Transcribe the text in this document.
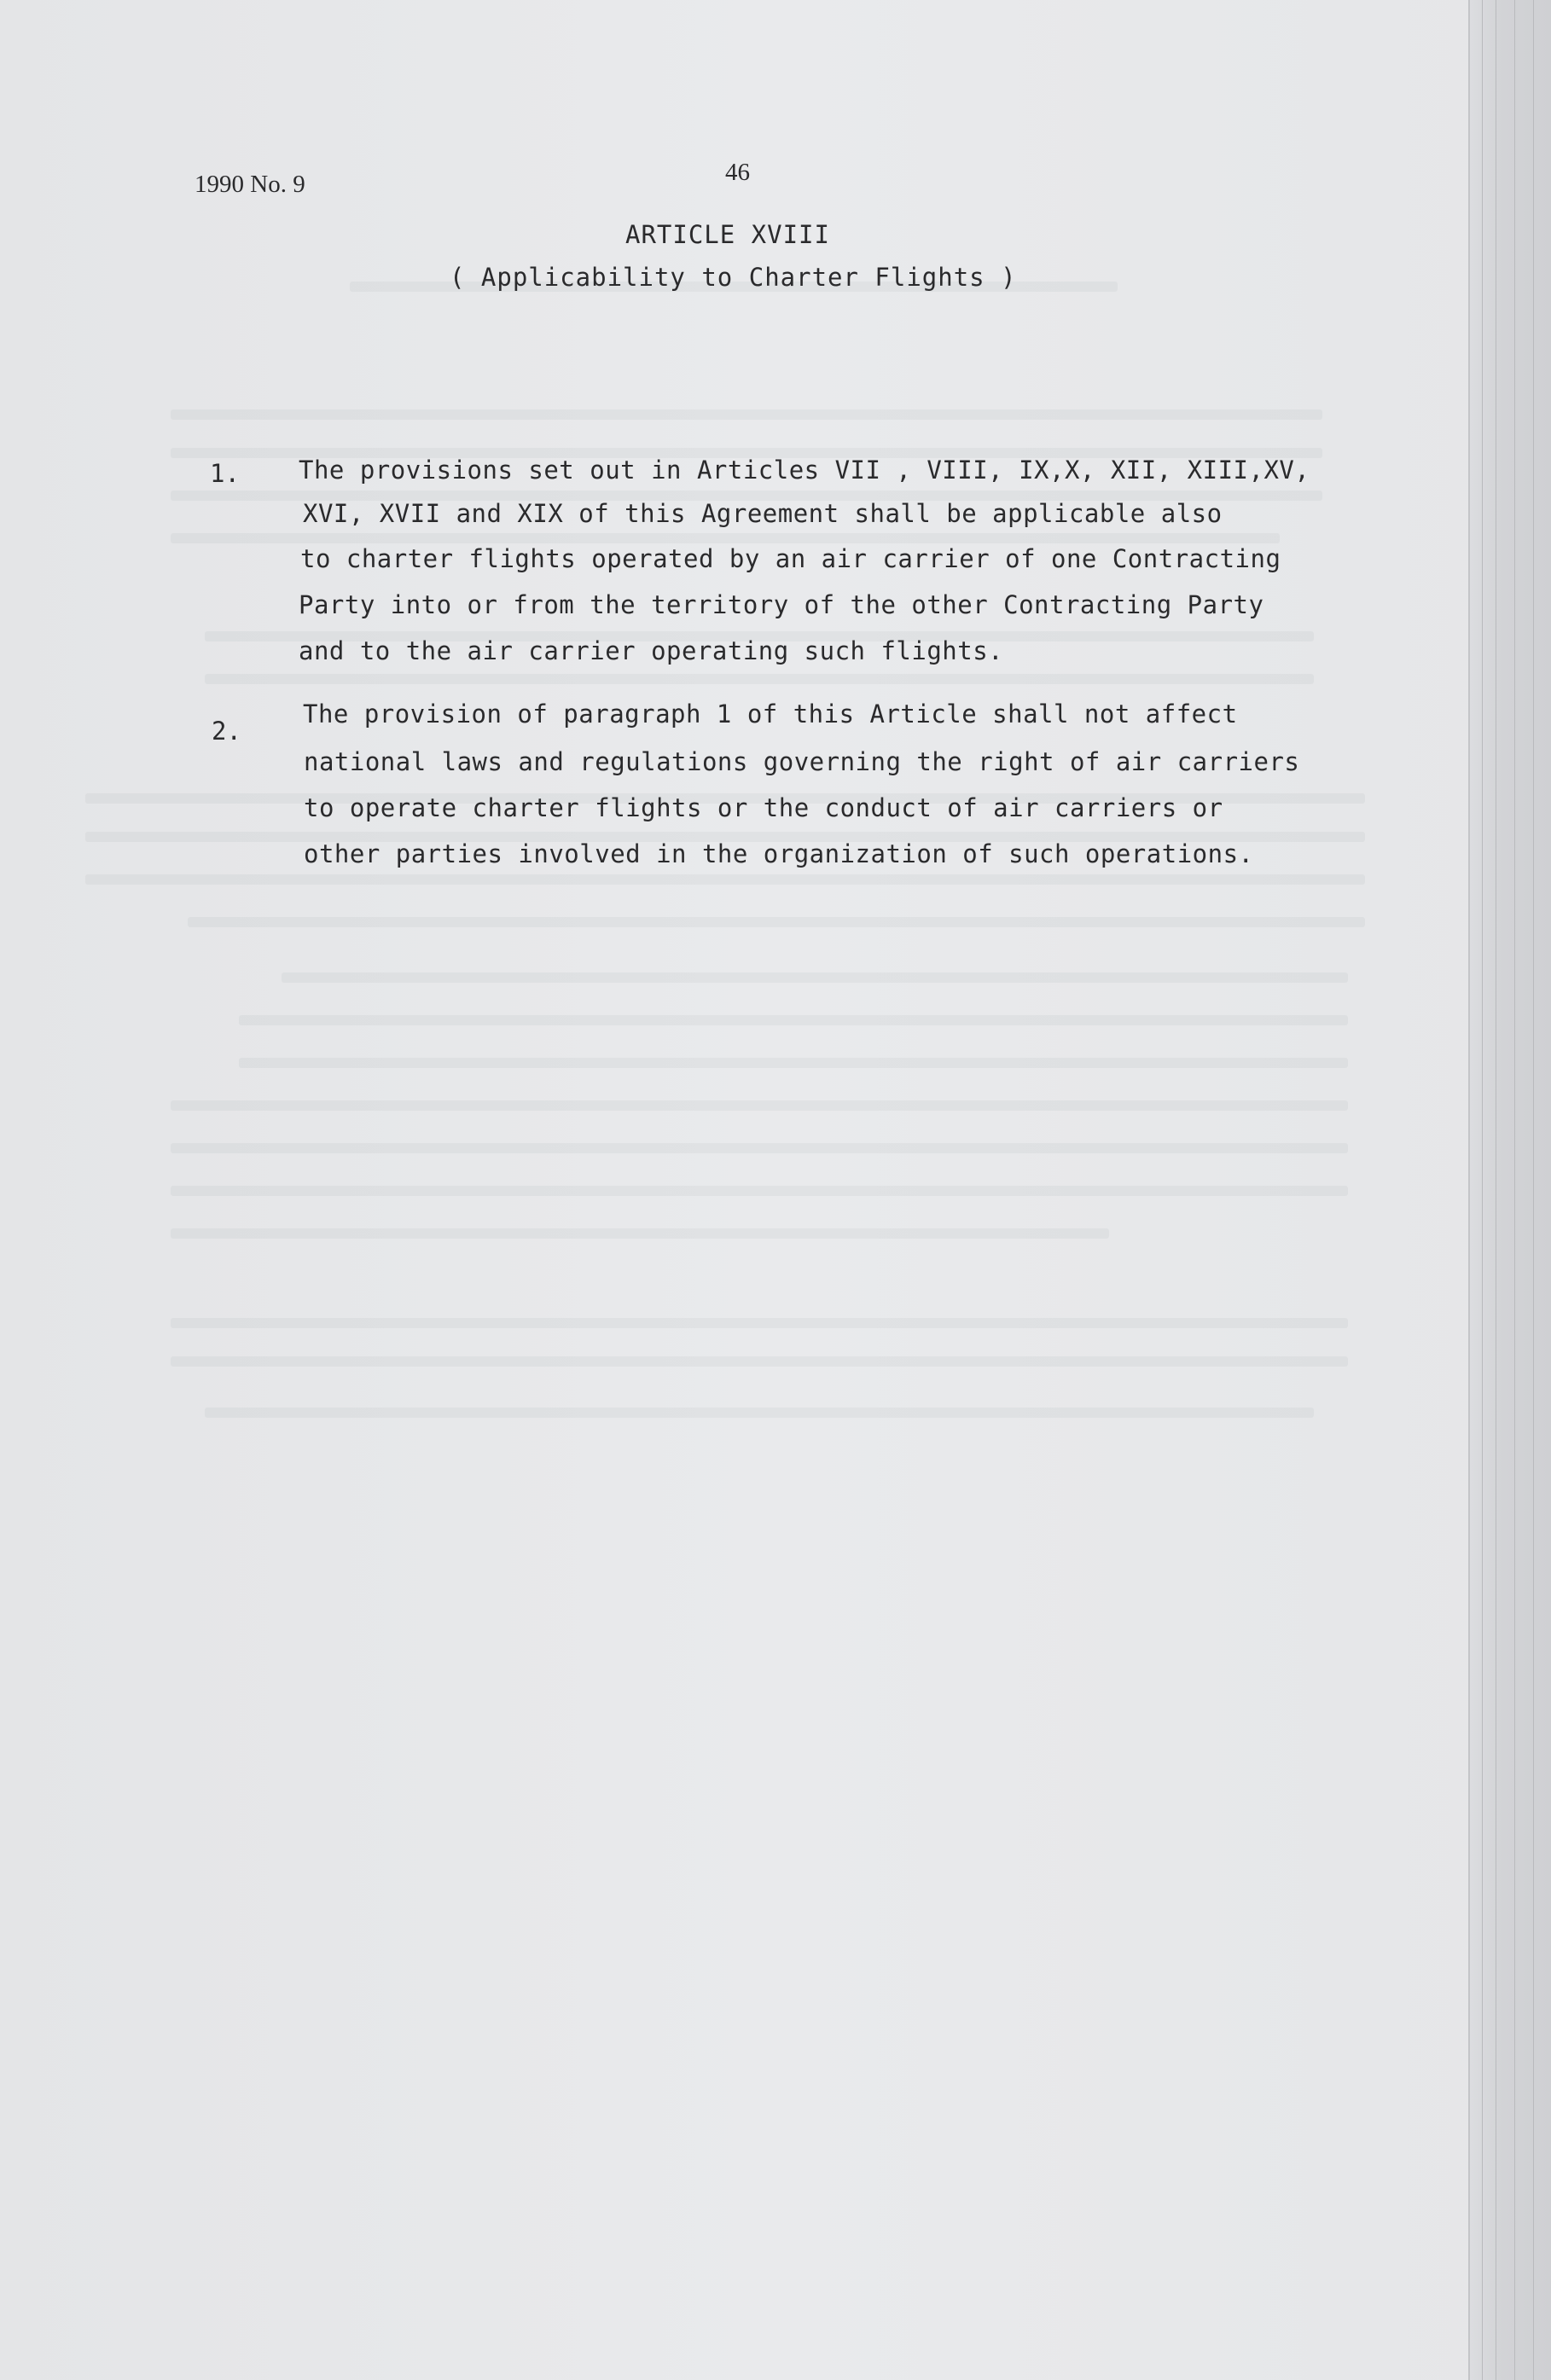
1990 No. 9	46
ARTICLE XVIII
( Applicability to Charter Flights )
1. The provisions set out in Articles VII , VIII, IX,X, XII, XIII,XV,
XVI, XVII and XIX of this Agreement shall be applicable also
to charter flights operated by an air carrier of one Contracting
Party into or from the territory of the other Contracting Party
and to the air carrier operating such flights.
2.
The provision of paragraph 1 of this Article shall not affect
national laws and regulations governing the right of air carriers
to operate charter flights or the conduct of air carriers or
other parties involved in the organization of such operations.
